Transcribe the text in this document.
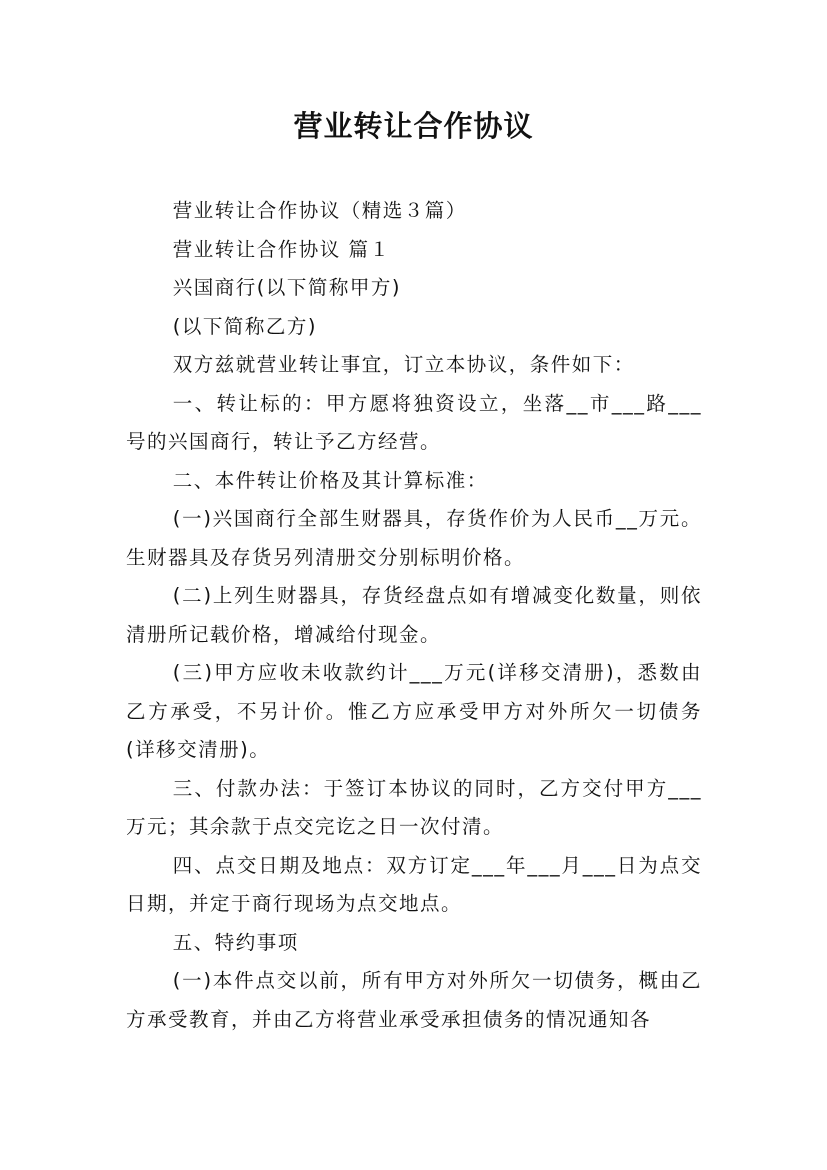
营业转让合作协议

营业转让合作协议（精选３篇）

营业转让合作协议 篇１

兴国商行(以下简称甲方)

(以下简称乙方)

双方兹就营业转让事宜，订立本协议，条件如下：

一、转让标的：甲方愿将独资设立，坐落__市___路___号的兴国商行，转让予乙方经营。

二、本件转让价格及其计算标准：

(一)兴国商行全部生财器具，存货作价为人民币__万元。生财器具及存货另列清册交分别标明价格。

(二)上列生财器具，存货经盘点如有增减变化数量，则依清册所记载价格，增减给付现金。

(三)甲方应收未收款约计___万元(详移交清册)，悉数由乙方承受，不另计价。惟乙方应承受甲方对外所欠一切债务(详移交清册)。

三、付款办法：于签订本协议的同时，乙方交付甲方___万元；其余款于点交完讫之日一次付清。

四、点交日期及地点：双方订定___年___月___日为点交日期，并定于商行现场为点交地点。

五、特约事项

(一)本件点交以前，所有甲方对外所欠一切债务，概由乙方承受教育，并由乙方将营业承受承担债务的情况通知各
